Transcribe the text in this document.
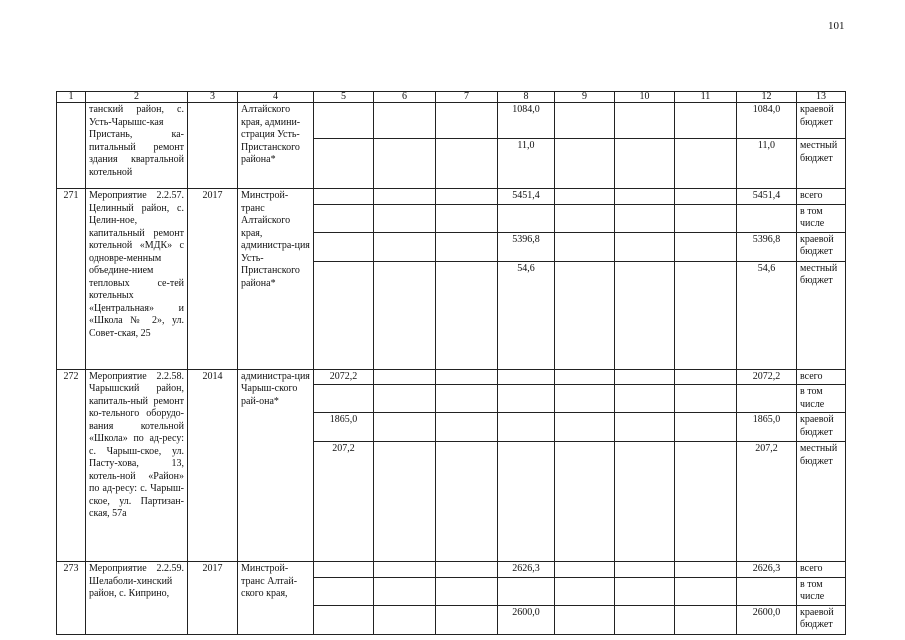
101
1	2	3	4	5	6	7	8	9	10	11	12	13
	танский район, с. Усть-Чарышс-кая Пристань, ка-питальный ремонт здания квартальной котельной		Алтайского края, админи-страция Усть-Пристанского района*				1084,0				1084,0	краевой бюджет
							11,0				11,0	местный бюджет
271	Мероприятие 2.2.57. Целинный район, с. Целин-ное, капитальный ремонт котельной «МДК» с одновре-менным объедине-нием тепловых се-тей котельных «Центральная» и «Школа № 2», ул. Совет-ская, 25	2017	Минстрой-транс Алтайского края, администра-ция Усть-Пристанского района*				5451,4				5451,4	всего
												в том числе
							5396,8				5396,8	краевой бюджет
							54,6				54,6	местный бюджет
272	Мероприятие 2.2.58. Чарышский район, капиталь-ный ремонт ко-тельного оборудо-вания котельной «Школа» по ад-ресу: с. Чарыш-ское, ул. Пасту-хова, 13, котель-ной «Район» по ад-ресу: с. Чарыш-ское, ул. Партизан-ская, 57а	2014	администра-ция Чарыш-ского рай-она*	2072,2							2072,2	всего
												в том числе
				1865,0							1865,0	краевой бюджет
				207,2							207,2	местный бюджет
273	Мероприятие 2.2.59. Шелаболи-хинский район, с. Киприно,	2017	Минстрой-транс Алтай-ского края,				2626,3				2626,3	всего
												в том числе
							2600,0				2600,0	краевой бюджет
